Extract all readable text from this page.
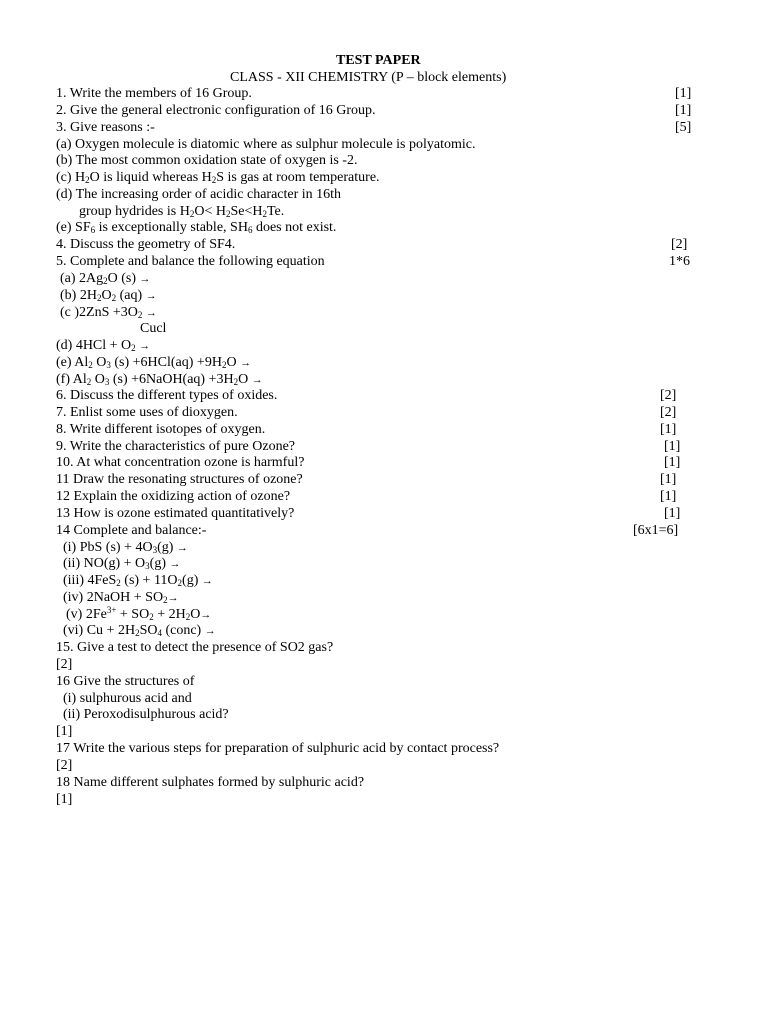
TEST PAPER
CLASS - XII CHEMISTRY (P – block elements)
1. Write the members of 16 Group.	[1]
2. Give the general electronic configuration of 16 Group.	[1]
3. Give reasons :-	[5]
(a) Oxygen molecule is diatomic where as sulphur molecule is polyatomic.
(b) The most common oxidation state of oxygen is -2.
(c) $H_2O$ is liquid whereas $H_2S$ is gas at room temperature.
(d) The increasing order of acidic character in 16th
group hydrides is $H_2O< H_2Se<H_2Te$.
(e) $SF_6$ is exceptionally stable, $SH_6$ does not exist.
4. Discuss the geometry of SF4.	[2]
5. Complete and balance the following equation	1*6
(a) $2Ag_2O$ (s) →
(b) $2H_2O_2$ (aq) →
(c )$2ZnS +3O_2$ →
Cucl
(d) $4HCl + O_2$ →
(e) $Al_2$ $O_3$ $(s) +6HCl(aq) +9H_2O$ →
(f) $Al_2$ $O_3$ (s) +6NaOH(aq) $+3H_2O$ →
6. Discuss the different types of oxides.	[2]
7. Enlist some uses of dioxygen.	[2]
8. Write different isotopes of oxygen.	[1]
9. Write the characteristics of pure Ozone?	[1]
10. At what concentration ozone is harmful?	[1]
11 Draw the resonating structures of ozone?	[1]
12 Explain the oxidizing action of ozone?	[1]
13 How is ozone estimated quantitatively?	[1]
14 Complete and balance:-	[6x1=6]
(i) PbS $(s) + 4O_3(g)$ →
(ii) $NO(g) + O_3(g)$ →
(iii) 4FeS$_2$ $(s) + 11O_2(g)$ →
(iv) 2NaOH + $SO_2\to$
(v) $2Fe^{3+} + SO_2 + 2H_2O\to$
(vi) $Cu + 2H_2SO_4$ (conc) →
15. Give a test to detect the presence of SO2 gas?
[2]
16 Give the structures of
(i) sulphurous acid and
(ii) Peroxodisulphurous acid?
[1]
17 Write the various steps for preparation of sulphuric acid by contact process?
[2]
18 Name different sulphates formed by sulphuric acid?
[1]
